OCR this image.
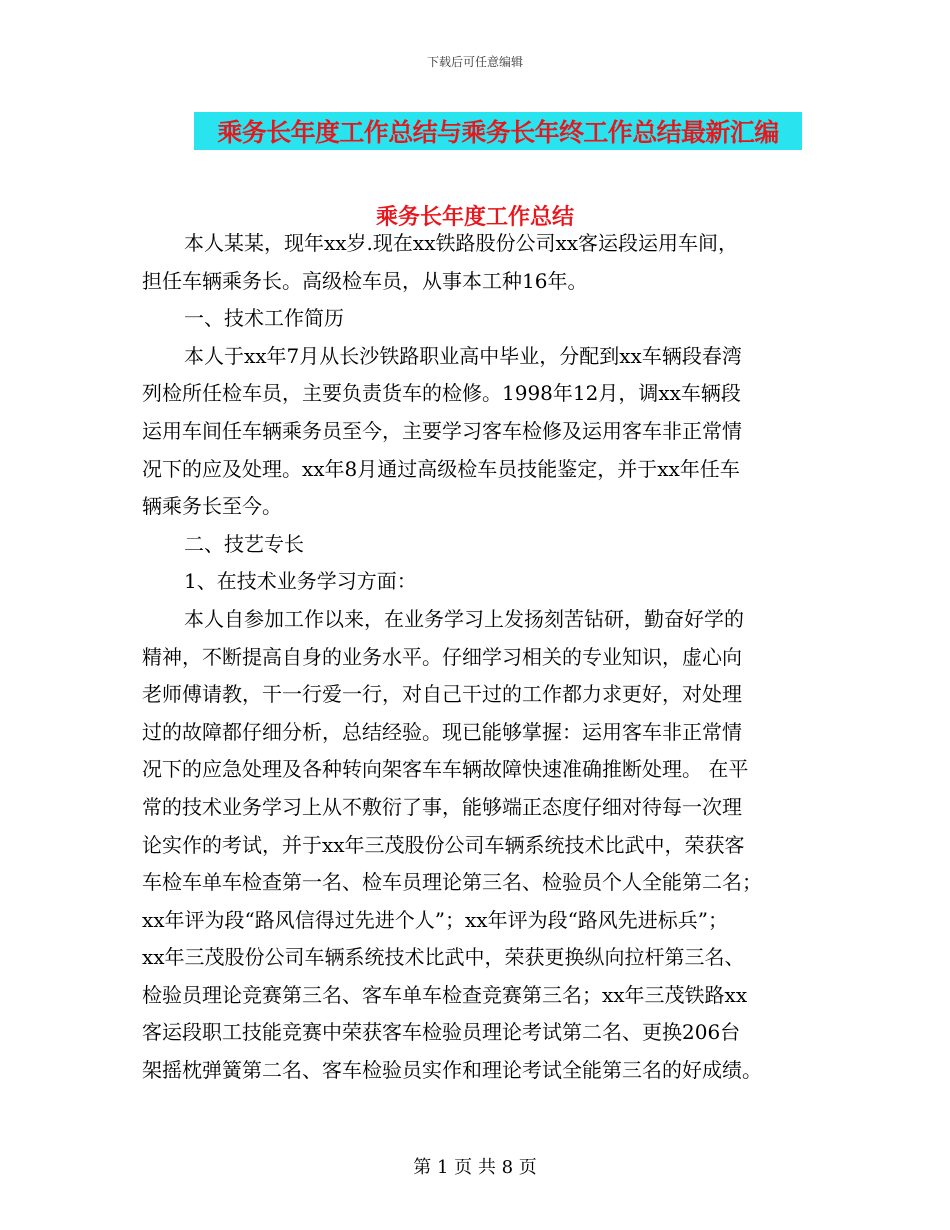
下载后可任意编辑
乘务长年度工作总结与乘务长年终工作总结最新汇编
乘务长年度工作总结
本人某某，现年xx岁.现在xx铁路股份公司xx客运段运用车间，
担任车辆乘务长。高级检车员，从事本工种16年。
一、技术工作简历
本人于xx年7月从长沙铁路职业高中毕业，分配到xx车辆段春湾
列检所任检车员，主要负责货车的检修。1998年12月，调xx车辆段
运用车间任车辆乘务员至今，主要学习客车检修及运用客车非正常情
况下的应及处理。xx年8月通过高级检车员技能鉴定，并于xx年任车
辆乘务长至今。
二、技艺专长
1、在技术业务学习方面：
本人自参加工作以来，在业务学习上发扬刻苦钻研，勤奋好学的
精神，不断提高自身的业务水平。仔细学习相关的专业知识，虚心向
老师傅请教，干一行爱一行，对自己干过的工作都力求更好，对处理
过的故障都仔细分析，总结经验。现已能够掌握：运用客车非正常情
况下的应急处理及各种转向架客车车辆故障快速准确推断处理。 在平
常的技术业务学习上从不敷衍了事，能够端正态度仔细对待每一次理
论实作的考试，并于xx年三茂股份公司车辆系统技术比武中，荣获客
车检车单车检查第一名、检车员理论第三名、检验员个人全能第二名；
xx年评为段“路风信得过先进个人”；xx年评为段“路风先进标兵”；
xx年三茂股份公司车辆系统技术比武中，荣获更换纵向拉杆第三名、
检验员理论竞赛第三名、客车单车检查竞赛第三名；xx年三茂铁路xx
客运段职工技能竞赛中荣获客车检验员理论考试第二名、更换206台
架摇枕弹簧第二名、客车检验员实作和理论考试全能第三名的好成绩。
第 1 页 共 8 页
